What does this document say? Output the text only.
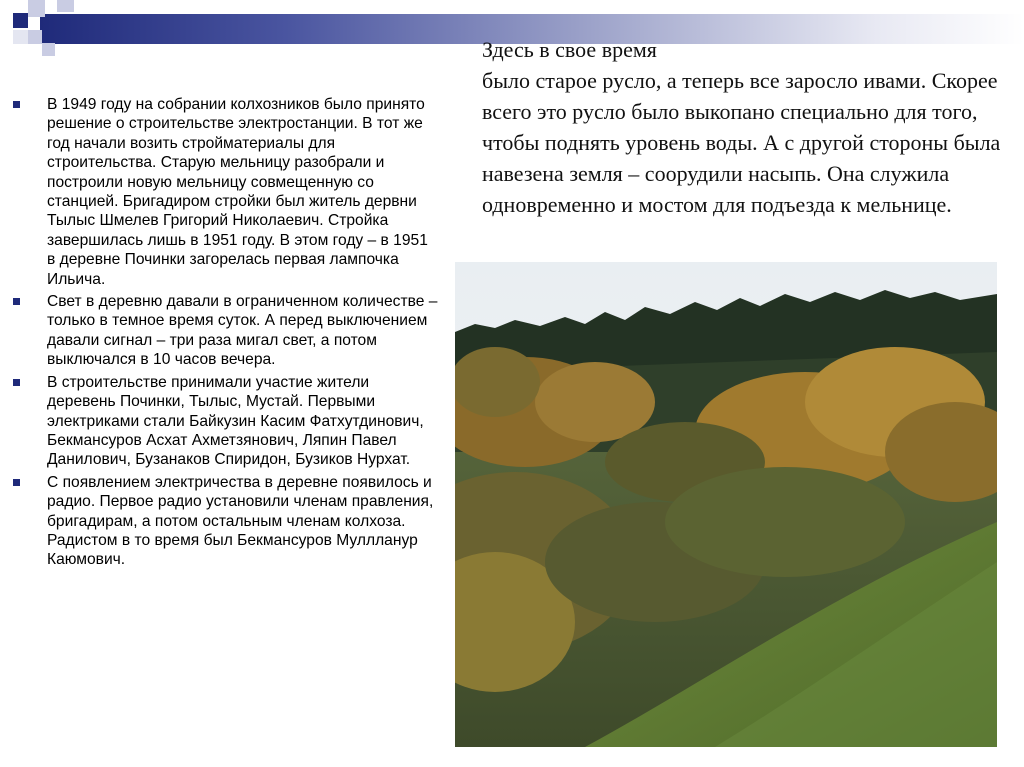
В 1949 году на собрании колхозников было принято решение о строительстве электростанции. В тот же год начали возить стройматериалы для строительства. Старую мельницу разобрали и построили новую мельницу совмещенную со станцией. Бригадиром стройки был житель дервни Тылыс Шмелев Григорий Николаевич. Стройка завершилась лишь в 1951 году. В этом году – в 1951 в деревне Починки загорелась первая лампочка Ильича.
Свет в деревню давали в ограниченном количестве – только в темное время суток. А перед выключением давали сигнал – три раза мигал свет, а потом выключался в 10 часов вечера.
В строительстве принимали участие жители деревень Починки, Тылыс, Мустай. Первыми электриками стали Байкузин Касим Фатхутдинович, Бекмансуров Асхат Ахметзянович, Ляпин Павел Данилович, Бузанаков Спиридон, Бузиков Нурхат.
С появлением электричества в деревне появилось и радио. Первое радио установили членам правления, бригадирам, а потом остальным членам колхоза. Радистом в то время был Бекмансуров Муллланур Каюмович.

Здесь в свое время
было старое русло, а теперь все заросло ивами. Скорее всего это русло было выкопано специально для того, чтобы поднять уровень воды. А с другой стороны была навезена земля – соорудили насыпь. Она служила одновременно и мостом для подъезда к мельнице.
